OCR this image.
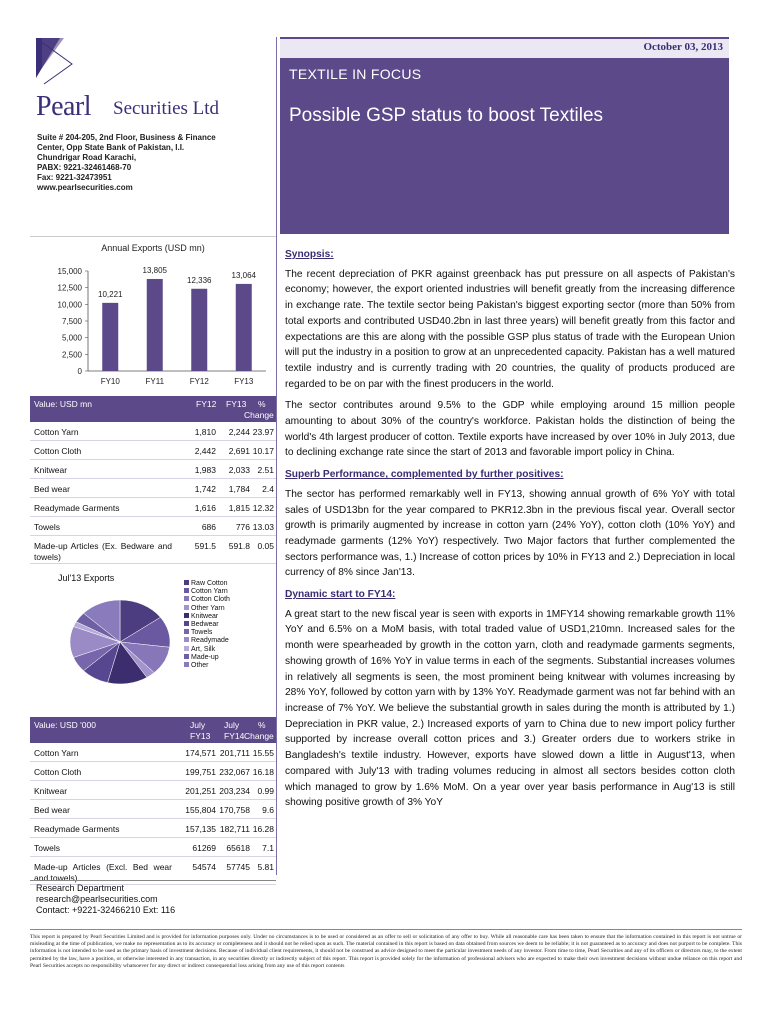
Pearl Securities Ltd
Suite # 204-205, 2nd Floor, Business & Finance
Center, Opp State Bank of Pakistan, I.I.
Chundrigar Road Karachi,
PABX: 9221-32461468-70
Fax: 9221-32473951
www.pearlsecurities.com
October 03, 2013
TEXTILE IN FOCUS
Possible GSP status to boost Textiles
Annual Exports (USD mn)
15,000
12,500
10,000
7,500
5,000
2,500
0
10,221
FY10
13,805
FY11
12,336
FY12
13,064
FY13
Value: USD mn	FY12 FY13 %
Change
Cotton Yarn	1,810	2,244 23.97
Cotton Cloth	2,442	2,691 10.17
Knitwear	1,983	2,033 2.51
Bed wear	1,742	1,784	2.4
Readymade Garments	1,616	1,815 12.32
Towels	686	776 13.03
Made-up Articles (Ex. Bedware and towels)
591.5	591.8 0.05
Jul'13 Exports
Raw Cotton
Cotton Yarn
Cotton Cloth
Other Yarn
Knitwear
Bedwear
Towels
Readymade
Art, Silk
Made-up
Other
Value: USD '000	July
FY13
July
FY14
%
Change
Cotton Yarn	174,571 201,711 15.55
Cotton Cloth	199,751 232,067 16.18
Knitwear	201,251 203,234 0.99
Bed wear	155,804 170,758	9.6
Readymade Garments	157,135 182,711 16.28
Towels	61269	65618	7.1
Made-up Articles (Excl. Bed wear and towels)
54574	57745 5.81
Research Department
research@pearlsecurities.com
Contact: +9221-32466210 Ext: 116
Synopsis:

The recent depreciation of PKR against greenback has put pressure on all aspects of Pakistan's economy; however, the export oriented industries will benefit greatly from the increasing difference in exchange rate. The textile sector being Pakistan's biggest exporting sector (more than 50% from total exports and contributed USD40.2bn in last three years) will benefit greatly from this factor and expectations are this are along with the possible GSP plus status of trade with the European Union will put the industry in a position to grow at an unprecedented capacity. Pakistan has a well matured textile industry and is currently trading with 20 countries, the quality of products produced are regarded to be on par with the finest producers in the world.

The sector contributes around 9.5% to the GDP while employing around 15 million people amounting to about 30% of the country's workforce. Pakistan holds the distinction of being the world's 4th largest producer of cotton. Textile exports have increased by over 10% in July 2013, due to declining exchange rate since the start of 2013 and favorable import policy in China.

Superb Performance, complemented by further positives:

The sector has performed remarkably well in FY13, showing annual growth of 6% YoY with total sales of USD13bn for the year compared to PKR12.3bn in the previous fiscal year. Overall sector growth is primarily augmented by increase in cotton yarn (24% YoY), cotton cloth (10% YoY) and readymade garments (12% YoY) respectively. Two Major factors that further complemented the sectors performance was, 1.) Increase of cotton prices by 10% in FY13 and 2.) Depreciation in local currency of 8% since Jan'13.

Dynamic start to FY14:

A great start to the new fiscal year is seen with exports in 1MFY14 showing remarkable growth 11% YoY and 6.5% on a MoM basis, with total traded value of USD1,210mn. Increased sales for the month were spearheaded by growth in the cotton yarn, cloth and readymade garments segments, showing growth of 16% YoY in value terms in each of the segments. Substantial increases volumes in relatively all segments is seen, the most prominent being knitwear with volumes increasing by 28% YoY, followed by cotton yarn with by 13% YoY. Readymade garment was not far behind with an increase of 7% YoY. We believe the substantial growth in sales during the month is attributed by 1.) Depreciation in PKR value, 2.) Increased exports of yarn to China due to new import policy further supported by increase overall cotton prices and 3.) Greater orders due to workers strike in Bangladesh's textile industry. However, exports have slowed down a little in August'13, when compared with July'13 with trading volumes reducing in almost all sectors besides cotton cloth which managed to grow by 1.6% MoM. On a year over year basis performance in Aug'13 is still showing positive growth of 3% YoY

This report is prepared by Pearl Securities Limited and is provided for information purposes only. Under no circumstances is to be used or considered as an offer to sell or solicitation of any offer to buy. While all reasonable care has been taken to ensure that the information contained in this report is not untrue or misleading at the time of publication, we make no representation as to its accuracy or completeness and it should not be relied upon as such. The material contained in this report is based on data obtained from sources we deem to be reliable; it is not guaranteed as to accuracy and does not purport to be complete. This information is not intended to be used as the primary basis of investment decisions. Because of individual client requirements, it should not be construed as advice designed to meet the particular investment needs of any investor. From time to time, Pearl Securities and any of its officers or directors may, to the extent permitted by the law, have a position, or otherwise interested in any transaction, in any securities directly or indirectly subject of this report. This report is provided solely for the information of professional advisers who are expected to make their own investment decisions without undue reliance on this report and Pearl Securities accepts no responsibility whatsoever for any direct or indirect consequential loss arising from any use of this report contents
